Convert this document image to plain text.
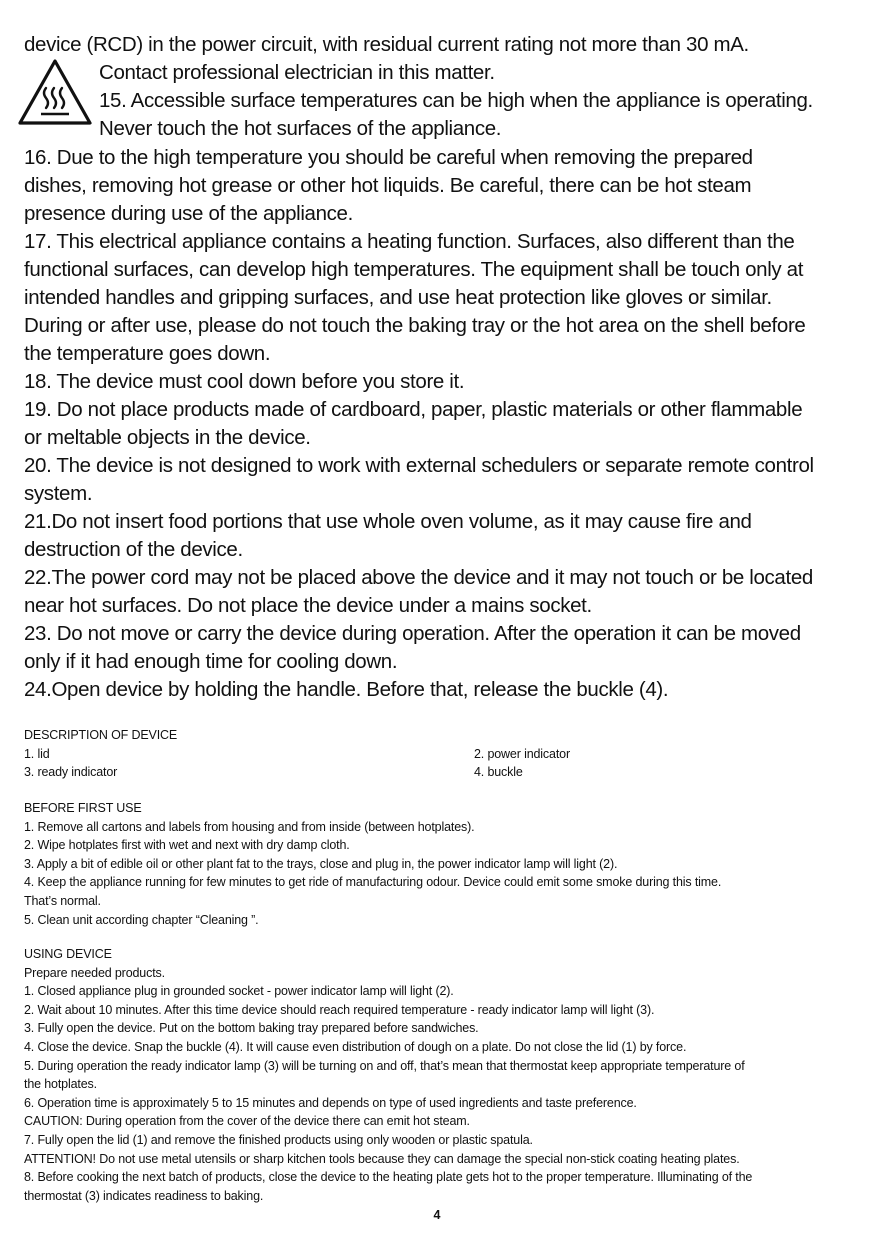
device (RCD) in the power circuit, with residual current rating not more than 30 mA.
Contact professional electrician in this matter.
15. Accessible surface temperatures can be high when the appliance is operating.
Never touch the hot surfaces of the appliance.
16. Due to the high temperature you should be careful when removing the prepared
dishes, removing hot grease or other hot liquids. Be careful, there can be hot steam
presence during use of the appliance.
17. This electrical appliance contains a heating function. Surfaces, also different than the
functional surfaces, can develop high temperatures. The equipment shall be touch only at
intended handles and gripping surfaces, and use heat protection like gloves or similar.
During or after use, please do not touch the baking tray or the hot area on the shell before
the temperature goes down.
18. The device must cool down before you store it.
19. Do not place products made of cardboard, paper, plastic materials or other flammable
or meltable objects in the device.
20. The device is not designed to work with external schedulers or separate remote control
system.
21.Do not insert food portions that use whole oven volume, as it may cause fire and
destruction of the device.
22.The power cord may not be placed above the device and it may not touch or be located
near hot surfaces. Do not place the device under a mains socket.
23. Do not move or carry the device during operation. After the operation it can be moved
only if it had enough time for cooling down.
24.Open device by holding the handle. Before that, release the buckle (4).
DESCRIPTION OF DEVICE
1. lid	2. power indicator
3. ready indicator	4. buckle
BEFORE FIRST USE
1. Remove all cartons and labels from housing and from inside (between hotplates).
2. Wipe hotplates first with wet and next with dry damp cloth.
3. Apply a bit of edible oil or other plant fat to the trays, close and plug in, the power indicator lamp will light (2).
4. Keep the appliance running for few minutes to get ride of manufacturing odour. Device could emit some smoke during this time.
That’s normal.
5. Clean unit according chapter “Cleaning ”.
USING DEVICE
Prepare needed products.
1. Closed appliance plug in grounded socket - power indicator lamp will light (2).
2. Wait about 10 minutes. After this time device should reach required temperature - ready indicator lamp will light (3).
3. Fully open the device. Put on the bottom baking tray prepared before sandwiches.
4. Close the device. Snap the buckle (4). It will cause even distribution of dough on a plate. Do not close the lid (1) by force.
5. During operation the ready indicator lamp (3) will be turning on and off, that’s mean that thermostat keep appropriate temperature of
the hotplates.
6. Operation time is approximately 5 to 15 minutes and depends on type of used ingredients and taste preference.
CAUTION: During operation from the cover of the device there can emit hot steam.
7. Fully open the lid (1) and remove the finished products using only wooden or plastic spatula.
ATTENTION! Do not use metal utensils or sharp kitchen tools because they can damage the special non-stick coating heating plates.
8. Before cooking the next batch of products, close the device to the heating plate gets hot to the proper temperature. Illuminating of the
thermostat (3) indicates readiness to baking.
4
